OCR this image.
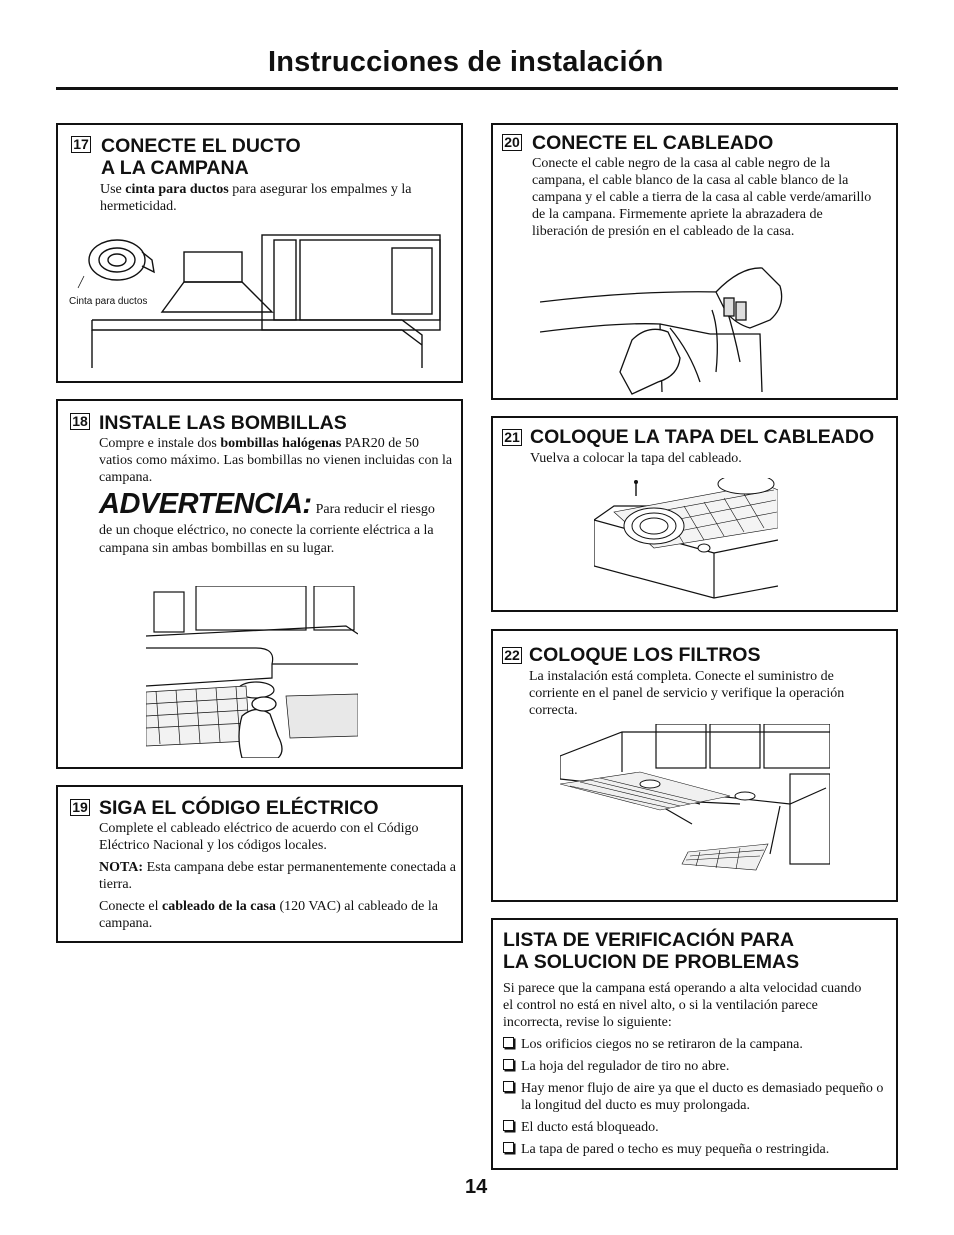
Instrucciones de instalación
17 CONECTE EL DUCTO
A LA CAMPANA
Use cinta para ductos para asegurar los empalmes y la hermeticidad.
Cinta para ductos
18 INSTALE LAS BOMBILLAS
Compre e instale dos bombillas halógenas PAR20 de 50 vatios como máximo. Las bombillas no vienen incluidas con la campana.
ADVERTENCIA: Para reducir el riesgo de un choque eléctrico, no conecte la corriente eléctrica a la campana sin ambas bombillas en su lugar.
19 SIGA EL CÓDIGO ELÉCTRICO
Complete el cableado eléctrico de acuerdo con el Código Eléctrico Nacional y los códigos locales.
NOTA: Esta campana debe estar permanentemente conectada a tierra.
Conecte el cableado de la casa (120 VAC) al cableado de la campana.
20 CONECTE EL CABLEADO
Conecte el cable negro de la casa al cable negro de la campana, el cable blanco de la casa al cable blanco de la campana y el cable a tierra de la casa al cable verde/amarillo de la campana. Firmemente apriete la abrazadera de liberación de presión en el cableado de la casa.
21 COLOQUE LA TAPA DEL CABLEADO
Vuelva a colocar la tapa del cableado.
22 COLOQUE LOS FILTROS
La instalación está completa. Conecte el suministro de corriente en el panel de servicio y verifique la operación correcta.
LISTA DE VERIFICACIÓN PARA
LA SOLUCION DE PROBLEMAS
Si parece que la campana está operando a alta velocidad cuando el control no está en nivel alto, o si la ventilación parece incorrecta, revise lo siguiente:
Los orificios ciegos no se retiraron de la campana.
La hoja del regulador de tiro no abre.
Hay menor flujo de aire ya que el ducto es demasiado pequeño o la longitud del ducto es muy prolongada.
El ducto está bloqueado.
La tapa de pared o techo es muy pequeña o restringida.
14
